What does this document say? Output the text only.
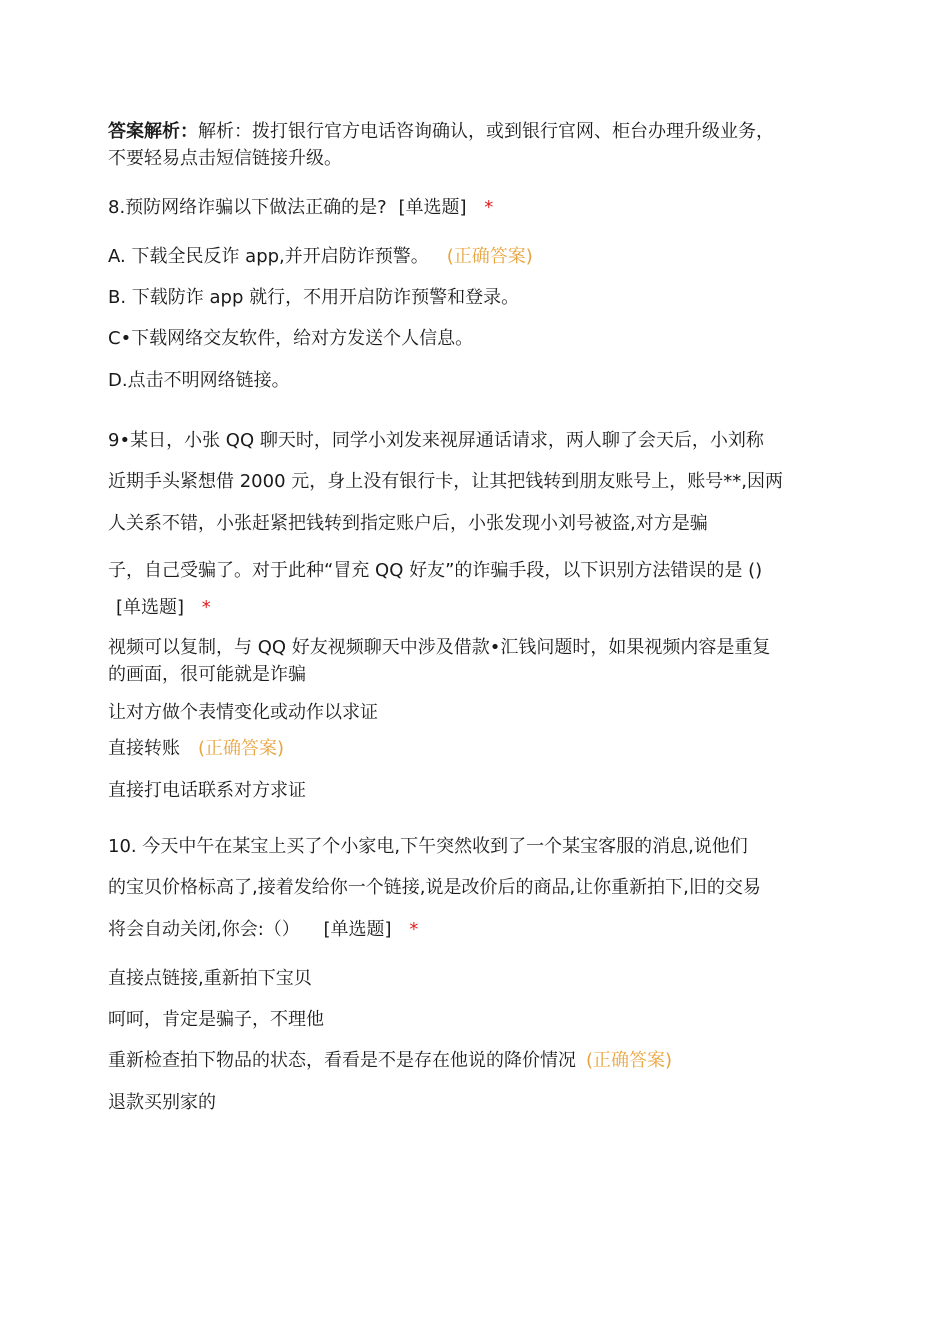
答案解析：解析：拨打银行官方电话咨询确认，或到银行官网、柜台办理升级业务，
不要轻易点击短信链接升级。
8.预防网络诈骗以下做法正确的是? [单选题] *
A. 下载全民反诈 app,并开启防诈预警。 (正确答案)
B. 下载防诈 app 就行，不用开启防诈预警和登录。
C•下载网络交友软件，给对方发送个人信息。
D.点击不明网络链接。
9•某日，小张 QQ 聊天时，同学小刘发来视屏通话请求，两人聊了会天后，小刘称
近期手头紧想借 2000 元，身上没有银行卡，让其把钱转到朋友账号上，账号**,因两
人关系不错，小张赶紧把钱转到指定账户后，小张发现小刘号被盗,对方是骗
子，自己受骗了。对于此种“冒充 QQ 好友”的诈骗手段，以下识别方法错误的是 ()
[单选题] *
视频可以复制，与 QQ 好友视频聊天中涉及借款•汇钱问题时，如果视频内容是重复
的画面，很可能就是诈骗
让对方做个表情变化或动作以求证
直接转账 (正确答案)
直接打电话联系对方求证
10. 今天中午在某宝上买了个小家电,下午突然收到了一个某宝客服的消息,说他们
的宝贝价格标高了,接着发给你一个链接,说是改价后的商品,让你重新拍下,旧的交易
将会自动关闭,你会:（） [单选题] *
直接点链接,重新拍下宝贝
呵呵，肯定是骗子，不理他
重新检查拍下物品的状态，看看是不是存在他说的降价情况 (正确答案)
退款买别家的
